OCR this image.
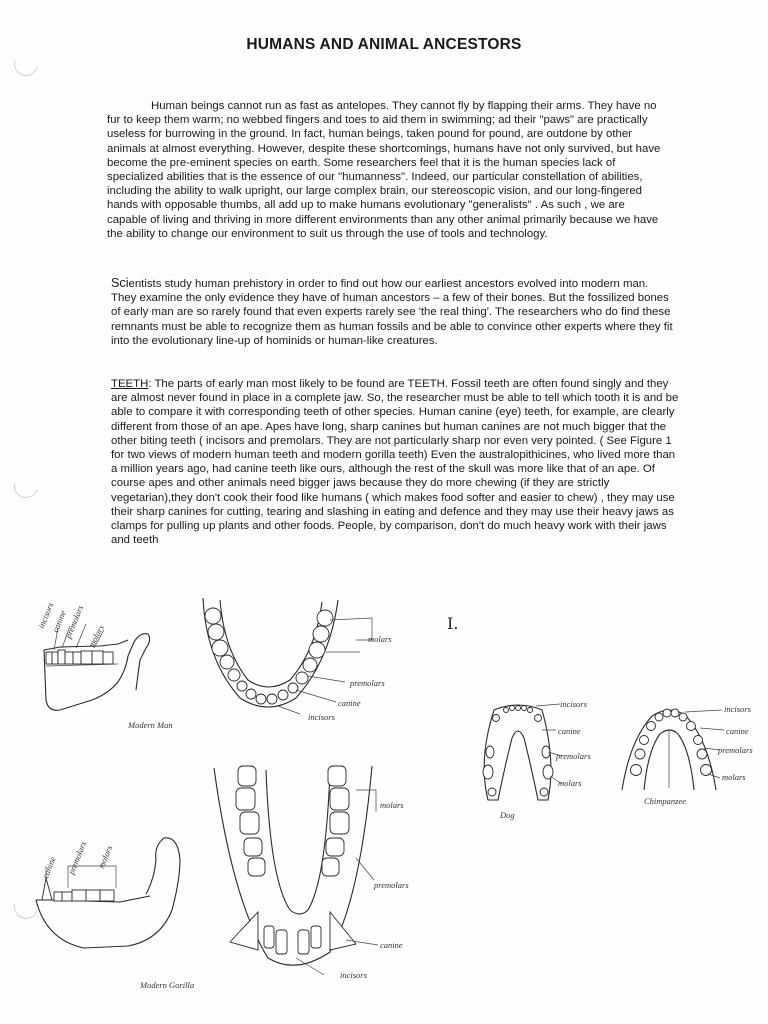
HUMANS AND ANIMAL ANCESTORS
Human beings cannot run as fast as antelopes. They cannot fly by flapping their arms. They have no fur to keep them warm; no webbed fingers and toes to aid them in swimming; ad their "paws" are practically useless for burrowing in the ground. In fact, human beings, taken pound for pound, are outdone by other animals at almost everything. However, despite these shortcomings, humans have not only survived, but have become the pre-eminent species on earth. Some researchers feel that it is the human species lack of specialized abilities that is the essence of our "humanness". Indeed, our particular constellation of abilities, including the ability to walk upright, our large complex brain, our stereoscopic vision, and our long-fingered hands with opposable thumbs, all add up to make humans evolutionary "generalists" . As such , we are capable of living and thriving in more different environments than any other animal primarily because we have the ability to change our environment to suit us through the use of tools and technology.
Scientists study human prehistory in order to find out how our earliest ancestors evolved into modern man. They examine the only evidence they have of human ancestors – a few of their bones. But the fossilized bones of early man are so rarely found that even experts rarely see 'the real thing'. The researchers who do find these remnants must be able to recognize them as human fossils and be able to convince other experts where they fit into the evolutionary line-up of hominids or human-like creatures.
TEETH: The parts of early man most likely to be found are TEETH. Fossil teeth are often found singly and they are almost never found in place in a complete jaw. So, the researcher must be able to tell which tooth it is and be able to compare it with corresponding teeth of other species. Human canine (eye) teeth, for example, are clearly different from those of an ape. Apes have long, sharp canines but human canines are not much bigger that the other biting teeth ( incisors and premolars. They are not particularly sharp nor even very pointed. ( See Figure 1 for two views of modern human teeth and modern gorilla teeth) Even the australopithicines, who lived more than a million years ago, had canine teeth like ours, although the rest of the skull was more like that of an ape. Of course apes and other animals need bigger jaws because they do more chewing (if they are strictly vegetarian),they don't cook their food like humans ( which makes food softer and easier to chew) , they may use their sharp canines for cutting, tearing and slashing in eating and defence and they may use their heavy jaws as clamps for pulling up plants and other foods. People, by comparison, don't do much heavy work with their jaws and teeth
incisors
canine
premolars molars
Modern Man
molars
premolars
canine
incisors
canine premolars molars
Modern Gorilla
molars
premolars
canine
incisors
incisors
canine
premolars
molars
Dog
incisors
canine
premolars
molars
Chimpanzee
I.
